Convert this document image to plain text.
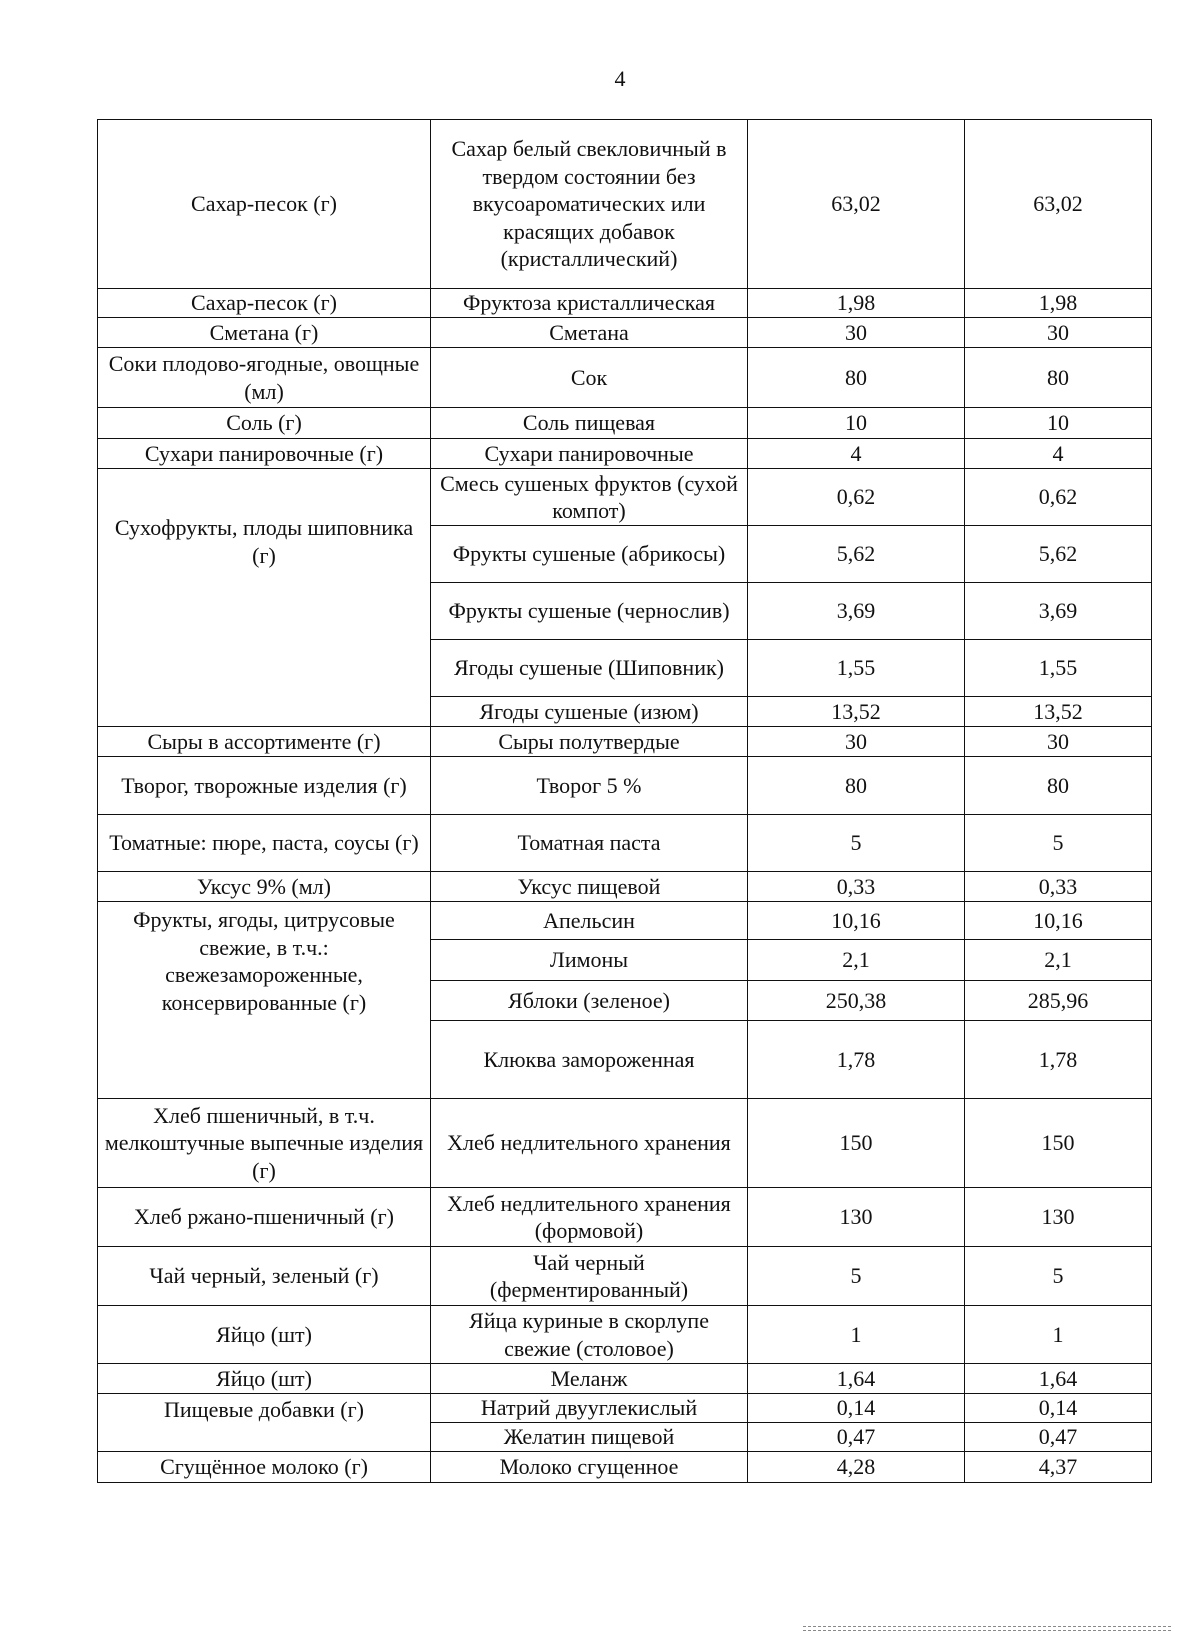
4
Сахар-песок (г)	Сахар белый свекловичный в твердом состоянии без вкусоароматических или красящих добавок (кристаллический)	63,02	63,02
Сахар-песок (г)	Фруктоза кристаллическая	1,98	1,98
Сметана (г)	Сметана	30	30
Соки плодово-ягодные, овощные (мл)	Сок	80	80
Соль (г)	Соль пищевая	10	10
Сухари панировочные (г)	Сухари панировочные	4	4
Сухофрукты, плоды шиповника (г)	Смесь сушеных фруктов (сухой компот)	0,62	0,62
	Фрукты сушеные (абрикосы)	5,62	5,62
	Фрукты сушеные (чернослив)	3,69	3,69
	Ягоды сушеные (Шиповник)	1,55	1,55
	Ягоды сушеные (изюм)	13,52	13,52
Сыры в ассортименте (г)	Сыры полутвердые	30	30
Творог, творожные изделия (г)	Творог 5 %	80	80
Томатные: пюре, паста, соусы (г)	Томатная паста	5	5
Уксус 9% (мл)	Уксус пищевой	0,33	0,33
Фрукты, ягоды, цитрусовые свежие, в т.ч.: свежезамороженные, консервированные (г)	Апельсин	10,16	10,16
	Лимоны	2,1	2,1
	Яблоки (зеленое)	250,38	285,96
	Клюква замороженная	1,78	1,78
Хлеб пшеничный, в т.ч. мелкоштучные выпечные изделия (г)	Хлеб недлительного хранения	150	150
Хлеб ржано-пшеничный (г)	Хлеб недлительного хранения (формовой)	130	130
Чай черный, зеленый (г)	Чай черный (ферментированный)	5	5
Яйцо (шт)	Яйца куриные в скорлупе свежие (столовое)	1	1
Яйцо (шт)	Меланж	1,64	1,64
Пищевые добавки (г)	Натрий двууглекислый	0,14	0,14
	Желатин пищевой	0,47	0,47
Сгущённое молоко (г)	Молоко сгущенное	4,28	4,37
